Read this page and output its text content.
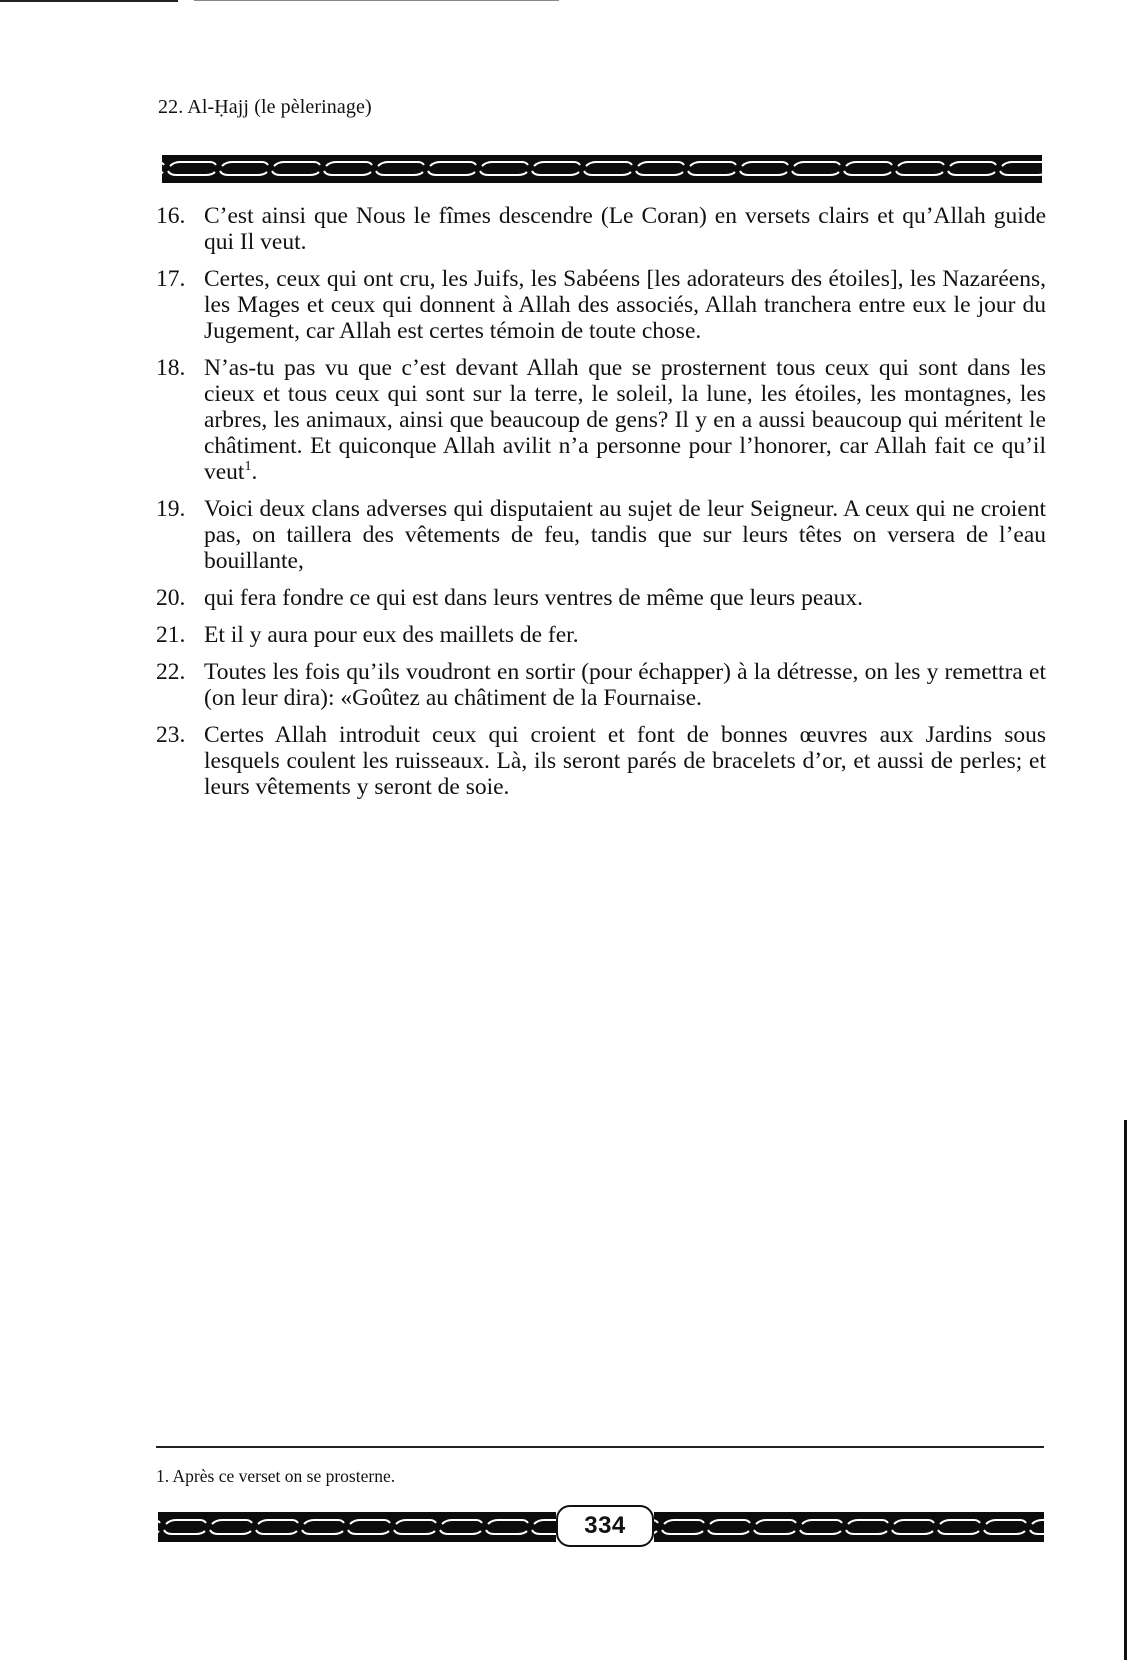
22. Al-Ḥajj (le pèlerinage)
16. C’est ainsi que Nous le fîmes descendre (Le Coran) en versets clairs et qu’Allah guide qui Il veut.
17. Certes, ceux qui ont cru, les Juifs, les Sabéens [les adorateurs des étoiles], les Nazaréens, les Mages et ceux qui donnent à Allah des associés, Allah tranchera entre eux le jour du Jugement, car Allah est certes témoin de toute chose.
18. N’as-tu pas vu que c’est devant Allah que se prosternent tous ceux qui sont dans les cieux et tous ceux qui sont sur la terre, le soleil, la lune, les étoiles, les montagnes, les arbres, les animaux, ainsi que beaucoup de gens? Il y en a aussi beaucoup qui méritent le châtiment. Et quiconque Allah avilit n’a personne pour l’honorer, car Allah fait ce qu’il veut$^1$.
19. Voici deux clans adverses qui disputaient au sujet de leur Seigneur. A ceux qui ne croient pas, on taillera des vêtements de feu, tandis que sur leurs têtes on versera de l’eau bouillante,
20. qui fera fondre ce qui est dans leurs ventres de même que leurs peaux.
21. Et il y aura pour eux des maillets de fer.
22. Toutes les fois qu’ils voudront en sortir (pour échapper) à la détresse, on les y remettra et (on leur dira): «Goûtez au châtiment de la Fournaise.
23. Certes Allah introduit ceux qui croient et font de bonnes œuvres aux Jardins sous lesquels coulent les ruisseaux. Là, ils seront parés de bracelets d’or, et aussi de perles; et leurs vêtements y seront de soie.
1. Après ce verset on se prosterne.
334
